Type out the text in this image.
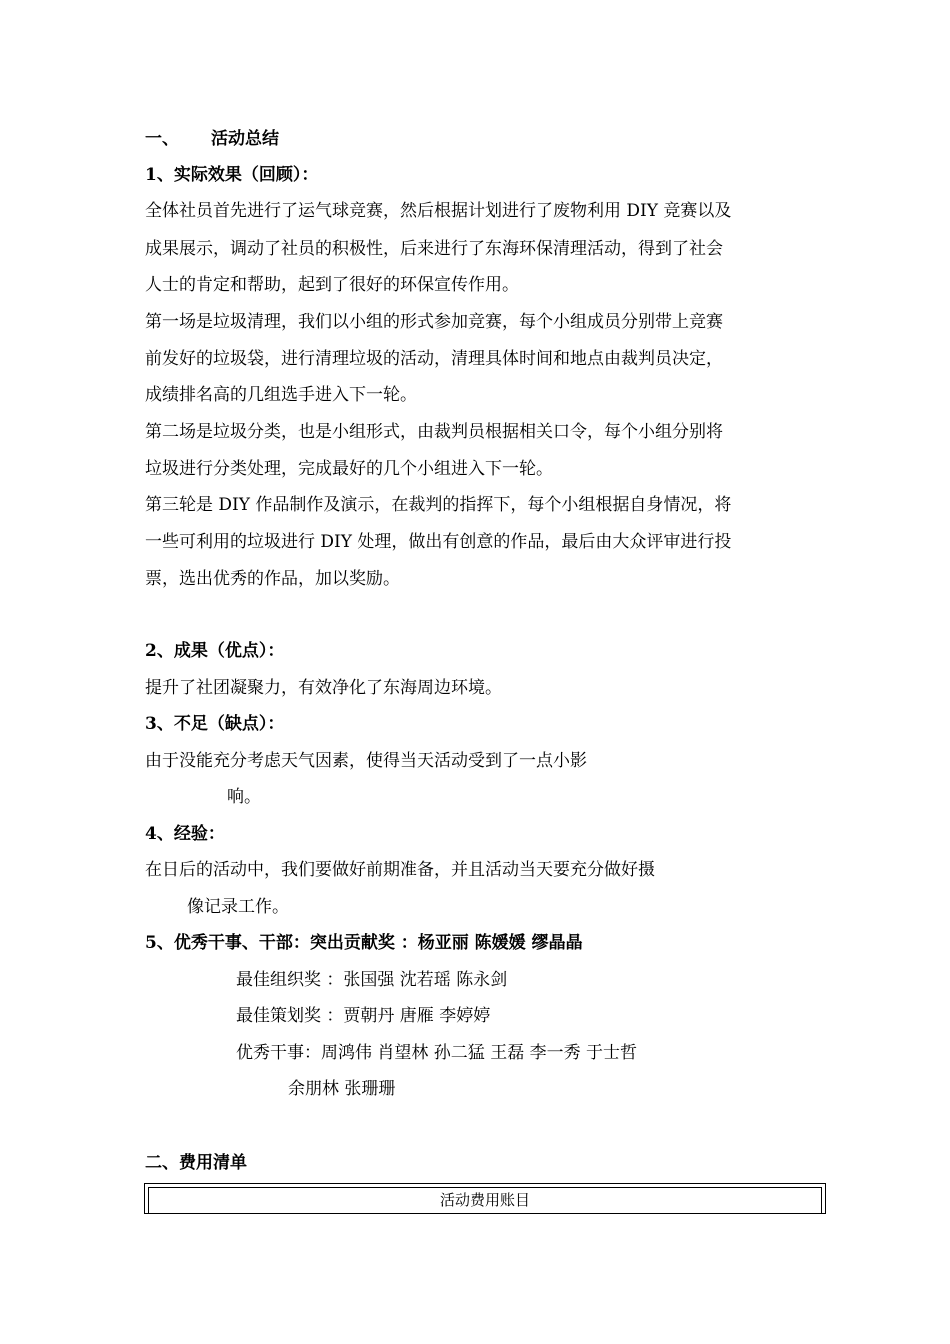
一、 活动总结
1、实际效果（回顾）：
全体社员首先进行了运气球竞赛，然后根据计划进行了废物利用 DIY 竞赛以及
成果展示，调动了社员的积极性，后来进行了东海环保清理活动，得到了社会
人士的肯定和帮助，起到了很好的环保宣传作用。
第一场是垃圾清理，我们以小组的形式参加竞赛，每个小组成员分别带上竞赛
前发好的垃圾袋，进行清理垃圾的活动，清理具体时间和地点由裁判员决定，
成绩排名高的几组选手进入下一轮。
第二场是垃圾分类，也是小组形式，由裁判员根据相关口令，每个小组分别将
垃圾进行分类处理，完成最好的几个小组进入下一轮。
第三轮是 DIY 作品制作及演示，在裁判的指挥下，每个小组根据自身情况，将
一些可利用的垃圾进行 DIY 处理，做出有创意的作品，最后由大众评审进行投
票，选出优秀的作品，加以奖励。
2、成果（优点）：
提升了社团凝聚力，有效净化了东海周边环境。
3、不足（缺点）：
由于没能充分考虑天气因素，使得当天活动受到了一点小影
响。
4、经验：
在日后的活动中，我们要做好前期准备，并且活动当天要充分做好摄
像记录工作。
5、优秀干事、干部：突出贡献奖 ：杨亚丽 陈媛媛 缪晶晶
最佳组织奖 ：张国强 沈若瑶 陈永剑
最佳策划奖 ：贾朝丹 唐雁 李婷婷
优秀干事：周鸿伟 肖望林 孙二猛 王磊 李一秀 于士哲
余朋林 张珊珊
二、费用清单
活动费用账目
